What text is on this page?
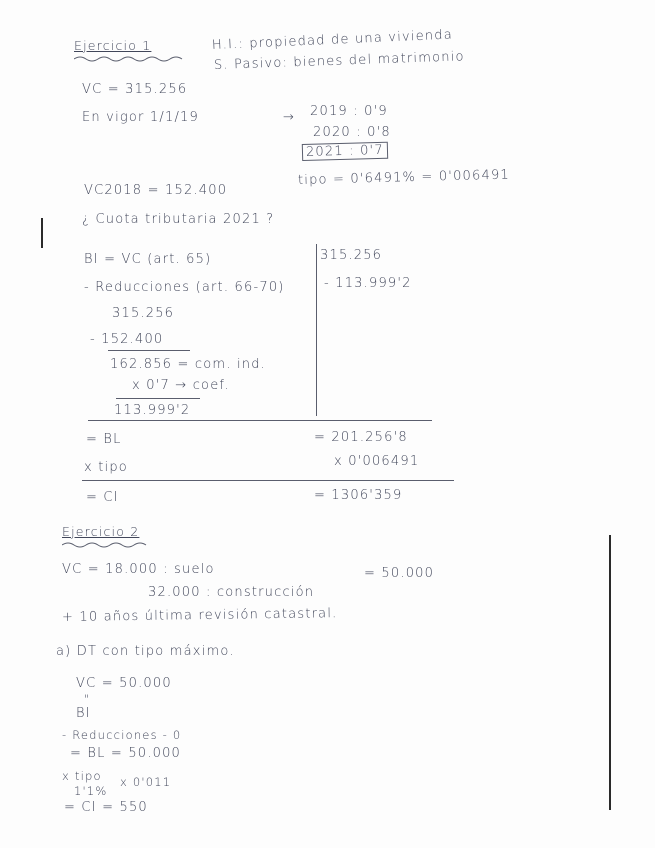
Ejercicio 1	H.I.: propiedad de una vivienda
S. Pasivo: bienes del matrimonio
VC = 315.256
En vigor 1/1/19	→ 2019 : 0'9
2020 : 0'8
2021 : 0'7
VC2018 = 152.400
tipo = 0'6491% = 0'006491
¿ Cuota tributaria 2021 ?
BI = VC (art. 65)	315.256
- Reducciones (art. 66-70)	- 113.999'2
315.256
- 152.400
162.856 = com. ind.
x 0'7 → coef.
113.999'2
= BL	= 201.256'8
x tipo	x 0'006491
= CI	= 1306'359
Ejercicio 2
VC = 18.000 : suelo	= 50.000
32.000 : construcción
+ 10 años última revisión catastral.
a) DT con tipo máximo.
VC = 50.000
"
BI
- Reducciones - 0
= BL = 50.000
x tipo
1'1%
x 0'011
= CI = 550
